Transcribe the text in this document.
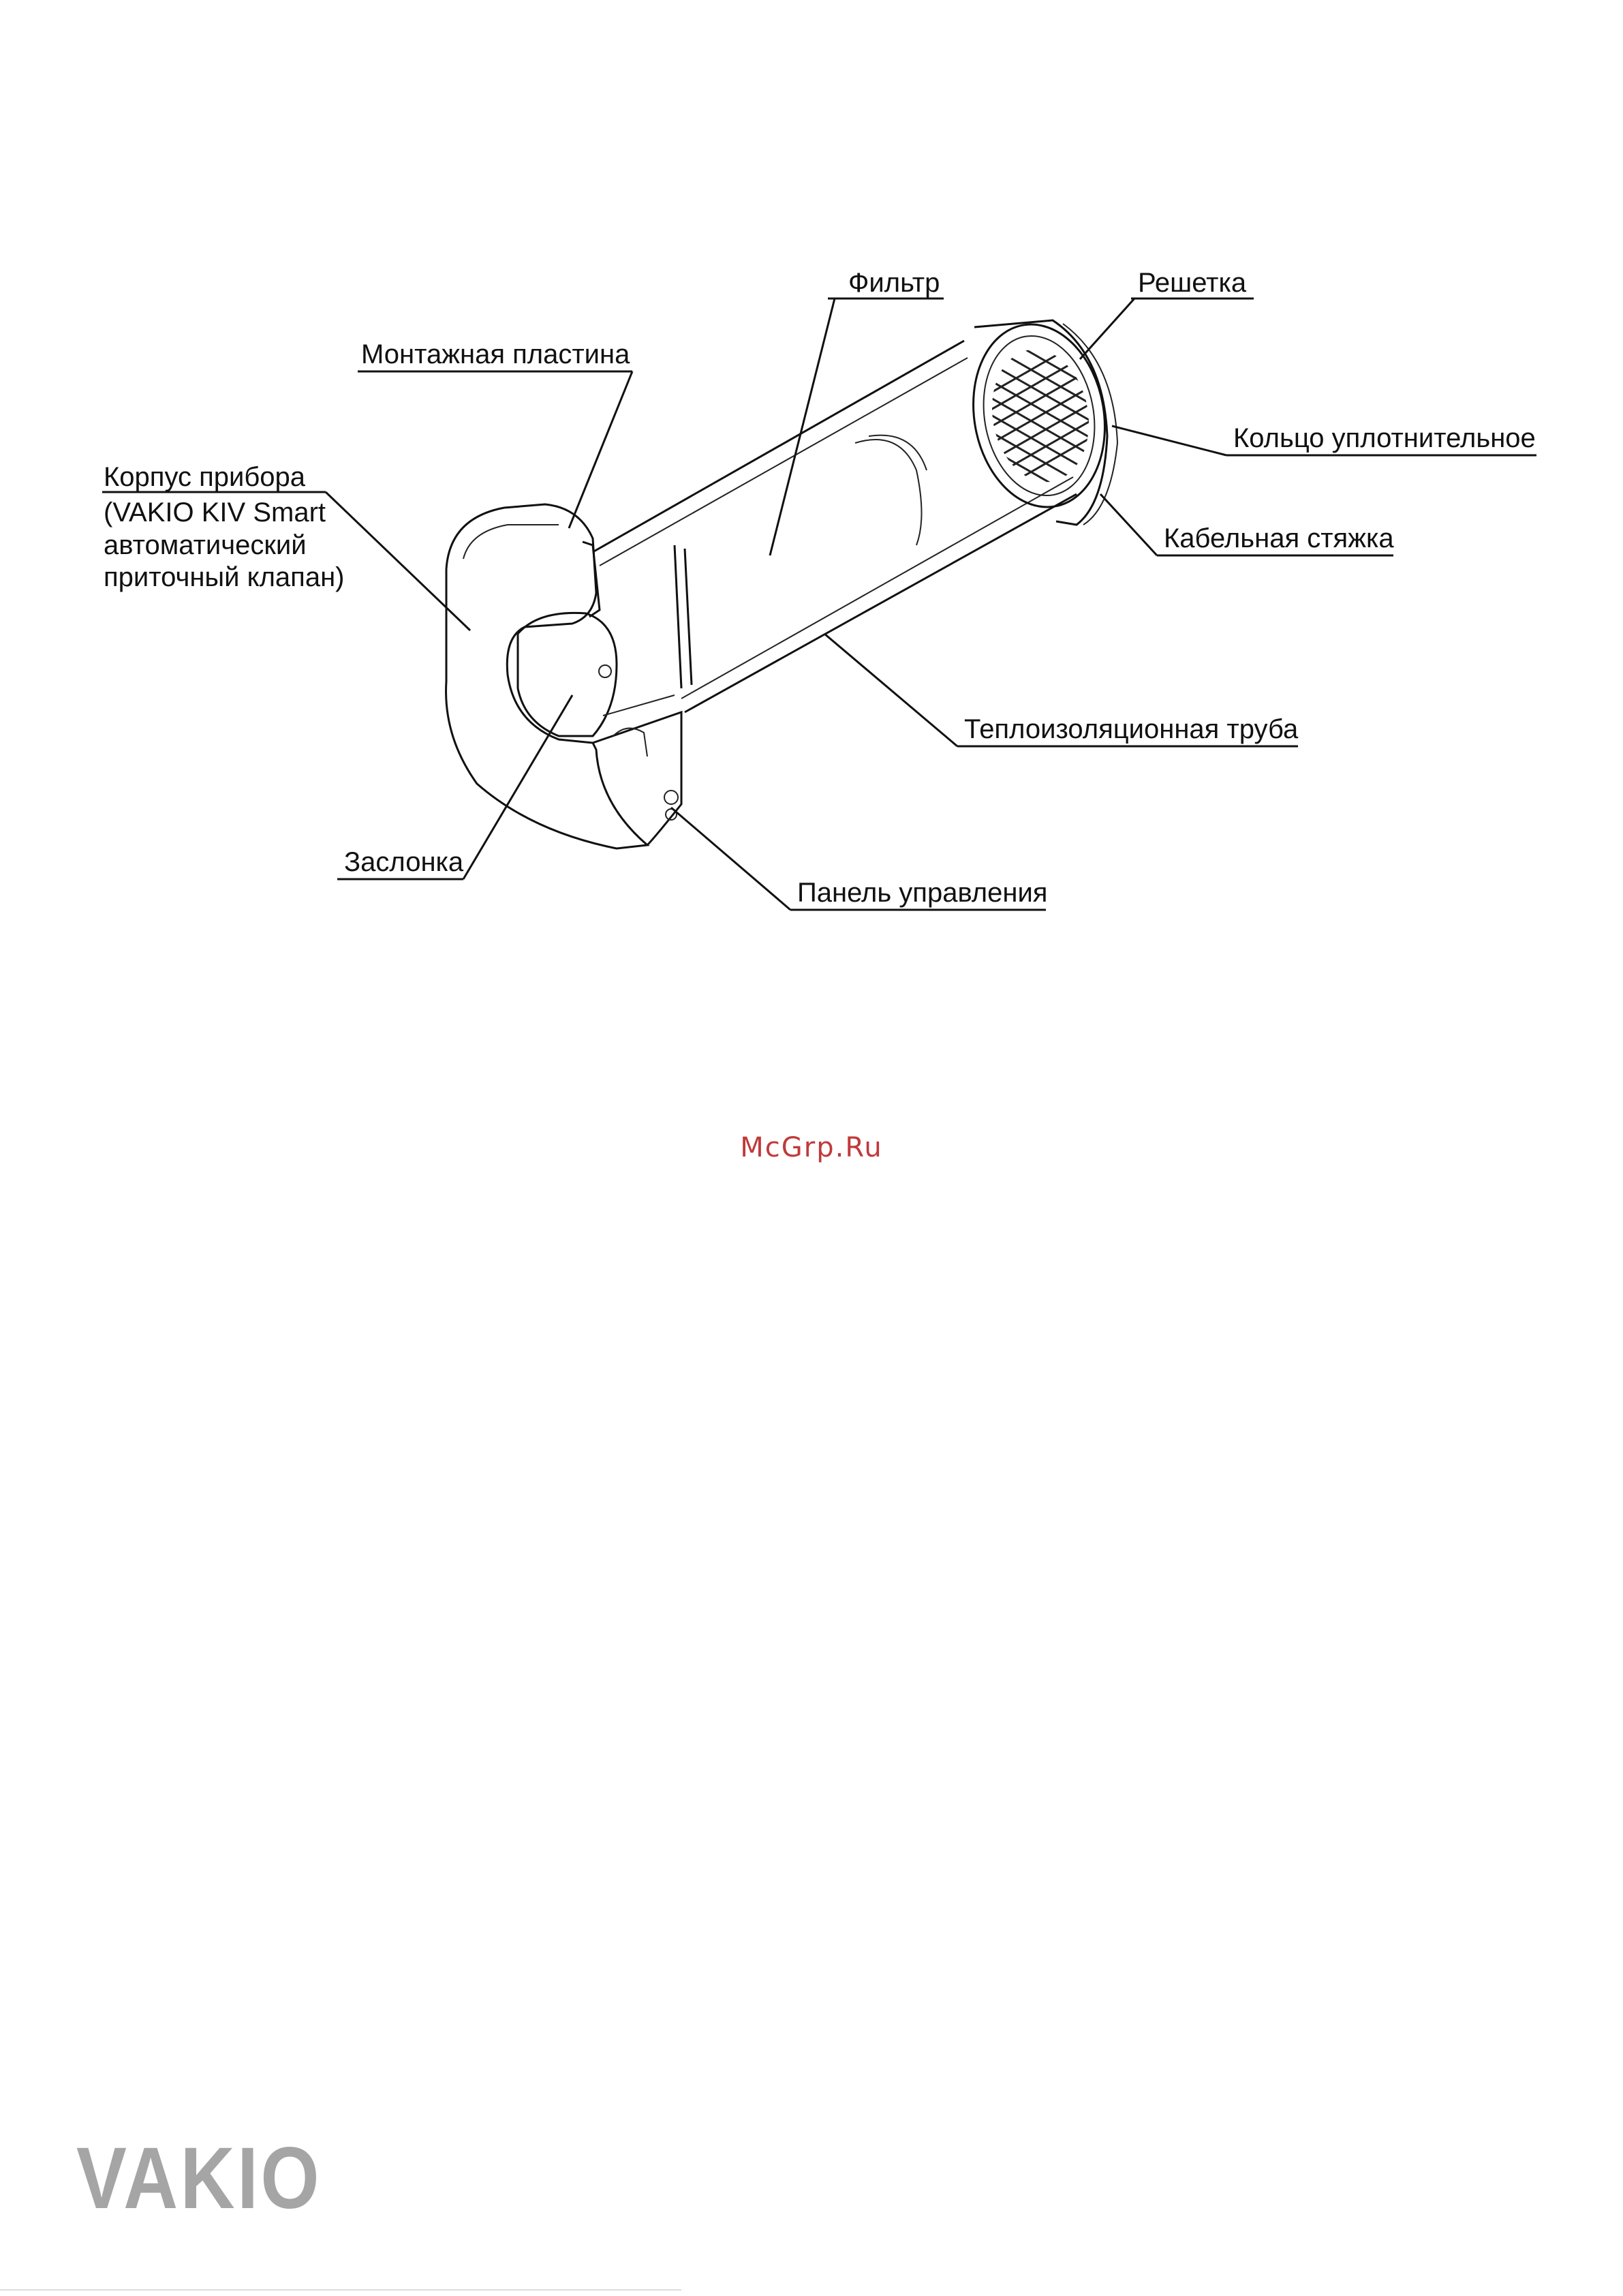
Фильтр	Решетка
Монтажная пластина
Корпус прибора
(VAKIO KIV Smart
автоматический
приточный клапан)
Кольцо уплотнительное
Кабельная стяжка
Теплоизоляционная труба
Заслонка
Панель управления
McGrp.Ru
VAKIO
